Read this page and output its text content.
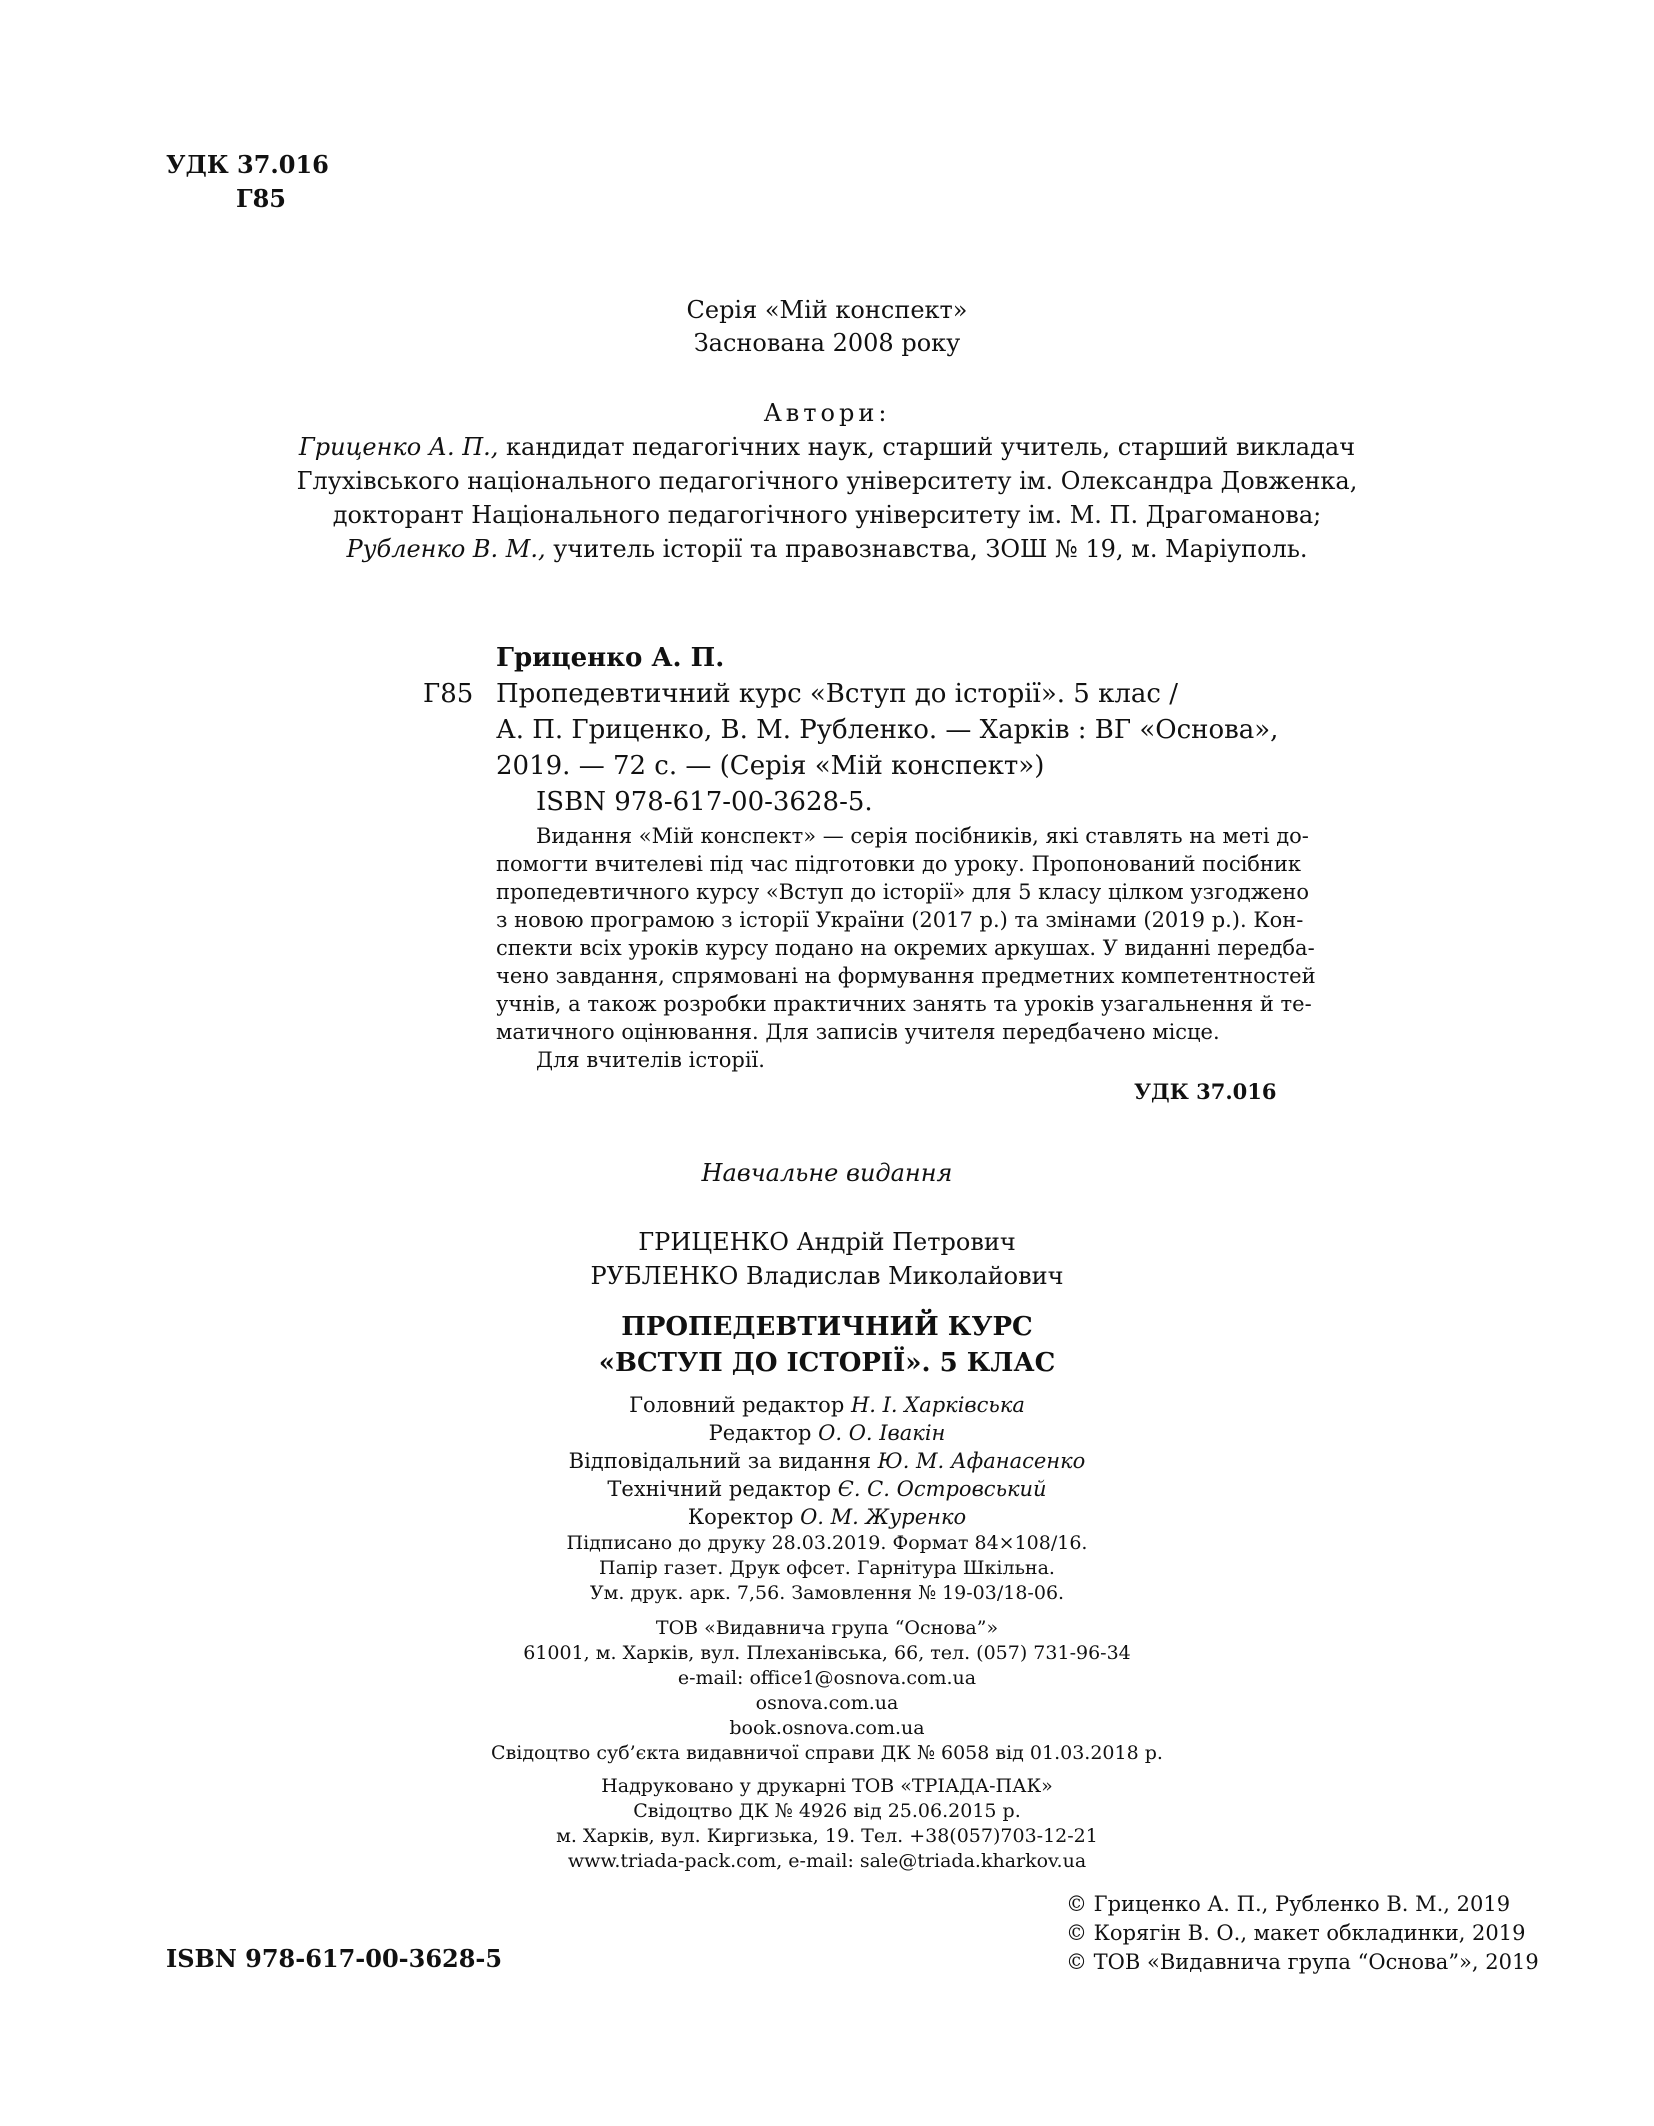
УДК 37.016
Г85
Серія «Мій конспект»
Заснована 2008 року
Автори:
Гриценко А. П., кандидат педагогічних наук, старший учитель, старший викладач
Глухівського національного педагогічного університету ім. Олександра Довженка,
докторант Національного педагогічного університету ім. М. П. Драгоманова;
Рубленко В. М., учитель історії та правознавства, ЗОШ № 19, м. Маріуполь.
Гриценко А. П.
Г85 Пропедевтичний курс «Вступ до історії». 5 клас /
А. П. Гриценко, В. М. Рубленко. — Харків : ВГ «Основа»,
2019. — 72 с. — (Серія «Мій конспект»)
ISBN 978-617-00-3628-5.
Видання «Мій конспект» — серія посібників, які ставлять на меті до-
помогти вчителеві під час підготовки до уроку. Пропонований посібник
пропедевтичного курсу «Вступ до історії» для 5 класу цілком узгоджено
з новою програмою з історії України (2017 р.) та змінами (2019 р.). Кон-
спекти всіх уроків курсу подано на окремих аркушах. У виданні передба-
чено завдання, спрямовані на формування предметних компетентностей
учнів, а також розробки практичних занять та уроків узагальнення й те-
матичного оцінювання. Для записів учителя передбачено місце.
Для вчителів історії.
УДК 37.016
Навчальне видання
ГРИЦЕНКО Андрій Петрович
РУБЛЕНКО Владислав Миколайович
ПРОПЕДЕВТИЧНИЙ КУРС
«ВСТУП ДО ІСТОРІЇ». 5 КЛАС
Головний редактор Н. І. Харківська
Редактор О. О. Івакін
Відповідальний за видання Ю. М. Афанасенко
Технічний редактор Є. С. Островський
Коректор О. М. Журенко
Підписано до друку 28.03.2019. Формат 84×108/16.
Папір газет. Друк офсет. Гарнітура Шкільна.
Ум. друк. арк. 7,56. Замовлення № 19-03/18-06.
ТОВ «Видавнича група “Основа”»
61001, м. Харків, вул. Плеханівська, 66, тел. (057) 731-96-34
e-mail: office1@osnova.com.ua
osnova.com.ua
book.osnova.com.ua
Свідоцтво суб’єкта видавничої справи ДК № 6058 від 01.03.2018 р.
Надруковано у друкарні ТОВ «ТРІАДА-ПАК»
Свідоцтво ДК № 4926 від 25.06.2015 р.
м. Харків, вул. Киргизька, 19. Тел. +38(057)703-12-21
www.triada-pack.com, e-mail: sale@triada.kharkov.ua
ISBN 978-617-00-3628-5
© Гриценко А. П., Рубленко В. М., 2019
© Корягін В. О., макет обкладинки, 2019
© ТОВ «Видавнича група “Основа”», 2019
